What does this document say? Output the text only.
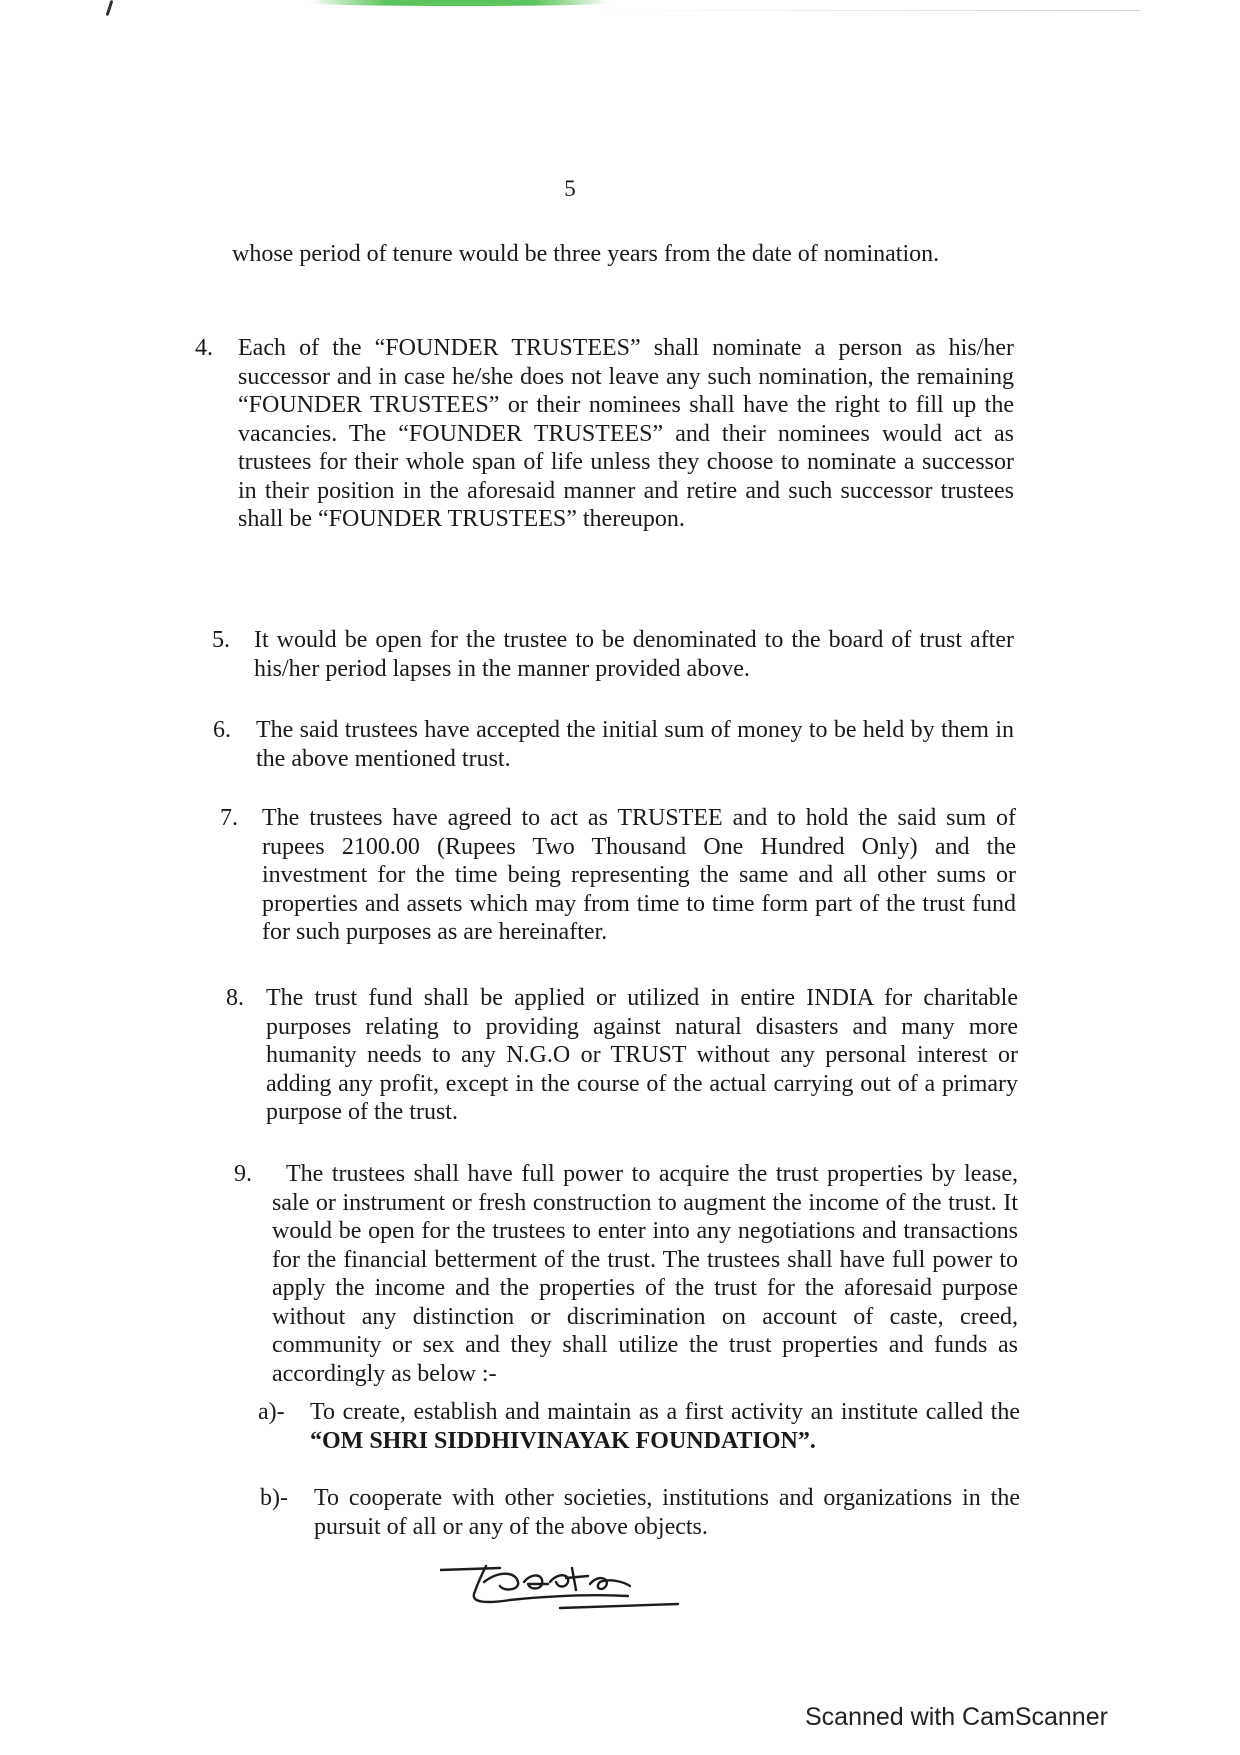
5

whose period of tenure would be three years from the date of nomination.

4. Each of the “FOUNDER TRUSTEES” shall nominate a person as his/her successor and in case he/she does not leave any such nomination, the remaining “FOUNDER TRUSTEES” or their nominees shall have the right to fill up the vacancies. The “FOUNDER TRUSTEES” and their nominees would act as trustees for their whole span of life unless they choose to nominate a successor in their position in the aforesaid manner and retire and such successor trustees shall be “FOUNDER TRUSTEES” thereupon.

5. It would be open for the trustee to be denominated to the board of trust after his/her period lapses in the manner provided above.

6. The said trustees have accepted the initial sum of money to be held by them in the above mentioned trust.

7. The trustees have agreed to act as TRUSTEE and to hold the said sum of rupees 2100.00 (Rupees Two Thousand One Hundred Only) and the investment for the time being representing the same and all other sums or properties and assets which may from time to time form part of the trust fund for such purposes as are hereinafter.

8. The trust fund shall be applied or utilized in entire INDIA for charitable purposes relating to providing against natural disasters and many more humanity needs to any N.G.O or TRUST without any personal interest or adding any profit, except in the course of the actual carrying out of a primary purpose of the trust.

9.	The trustees shall have full power to acquire the trust properties by lease, sale or instrument or fresh construction to augment the income of the trust. It would be open for the trustees to enter into any negotiations and transactions for the financial betterment of the trust. The trustees shall have full power to apply the income and the properties of the trust for the aforesaid purpose without any distinction or discrimination on account of caste, creed, community or sex and they shall utilize the trust properties and funds as accordingly as below :-

a)- To create, establish and maintain as a first activity an institute called the “OM SHRI SIDDHIVINAYAK FOUNDATION”.

b)- To cooperate with other societies, institutions and organizations in the pursuit of all or any of the above objects.

Scanned with CamScanner
